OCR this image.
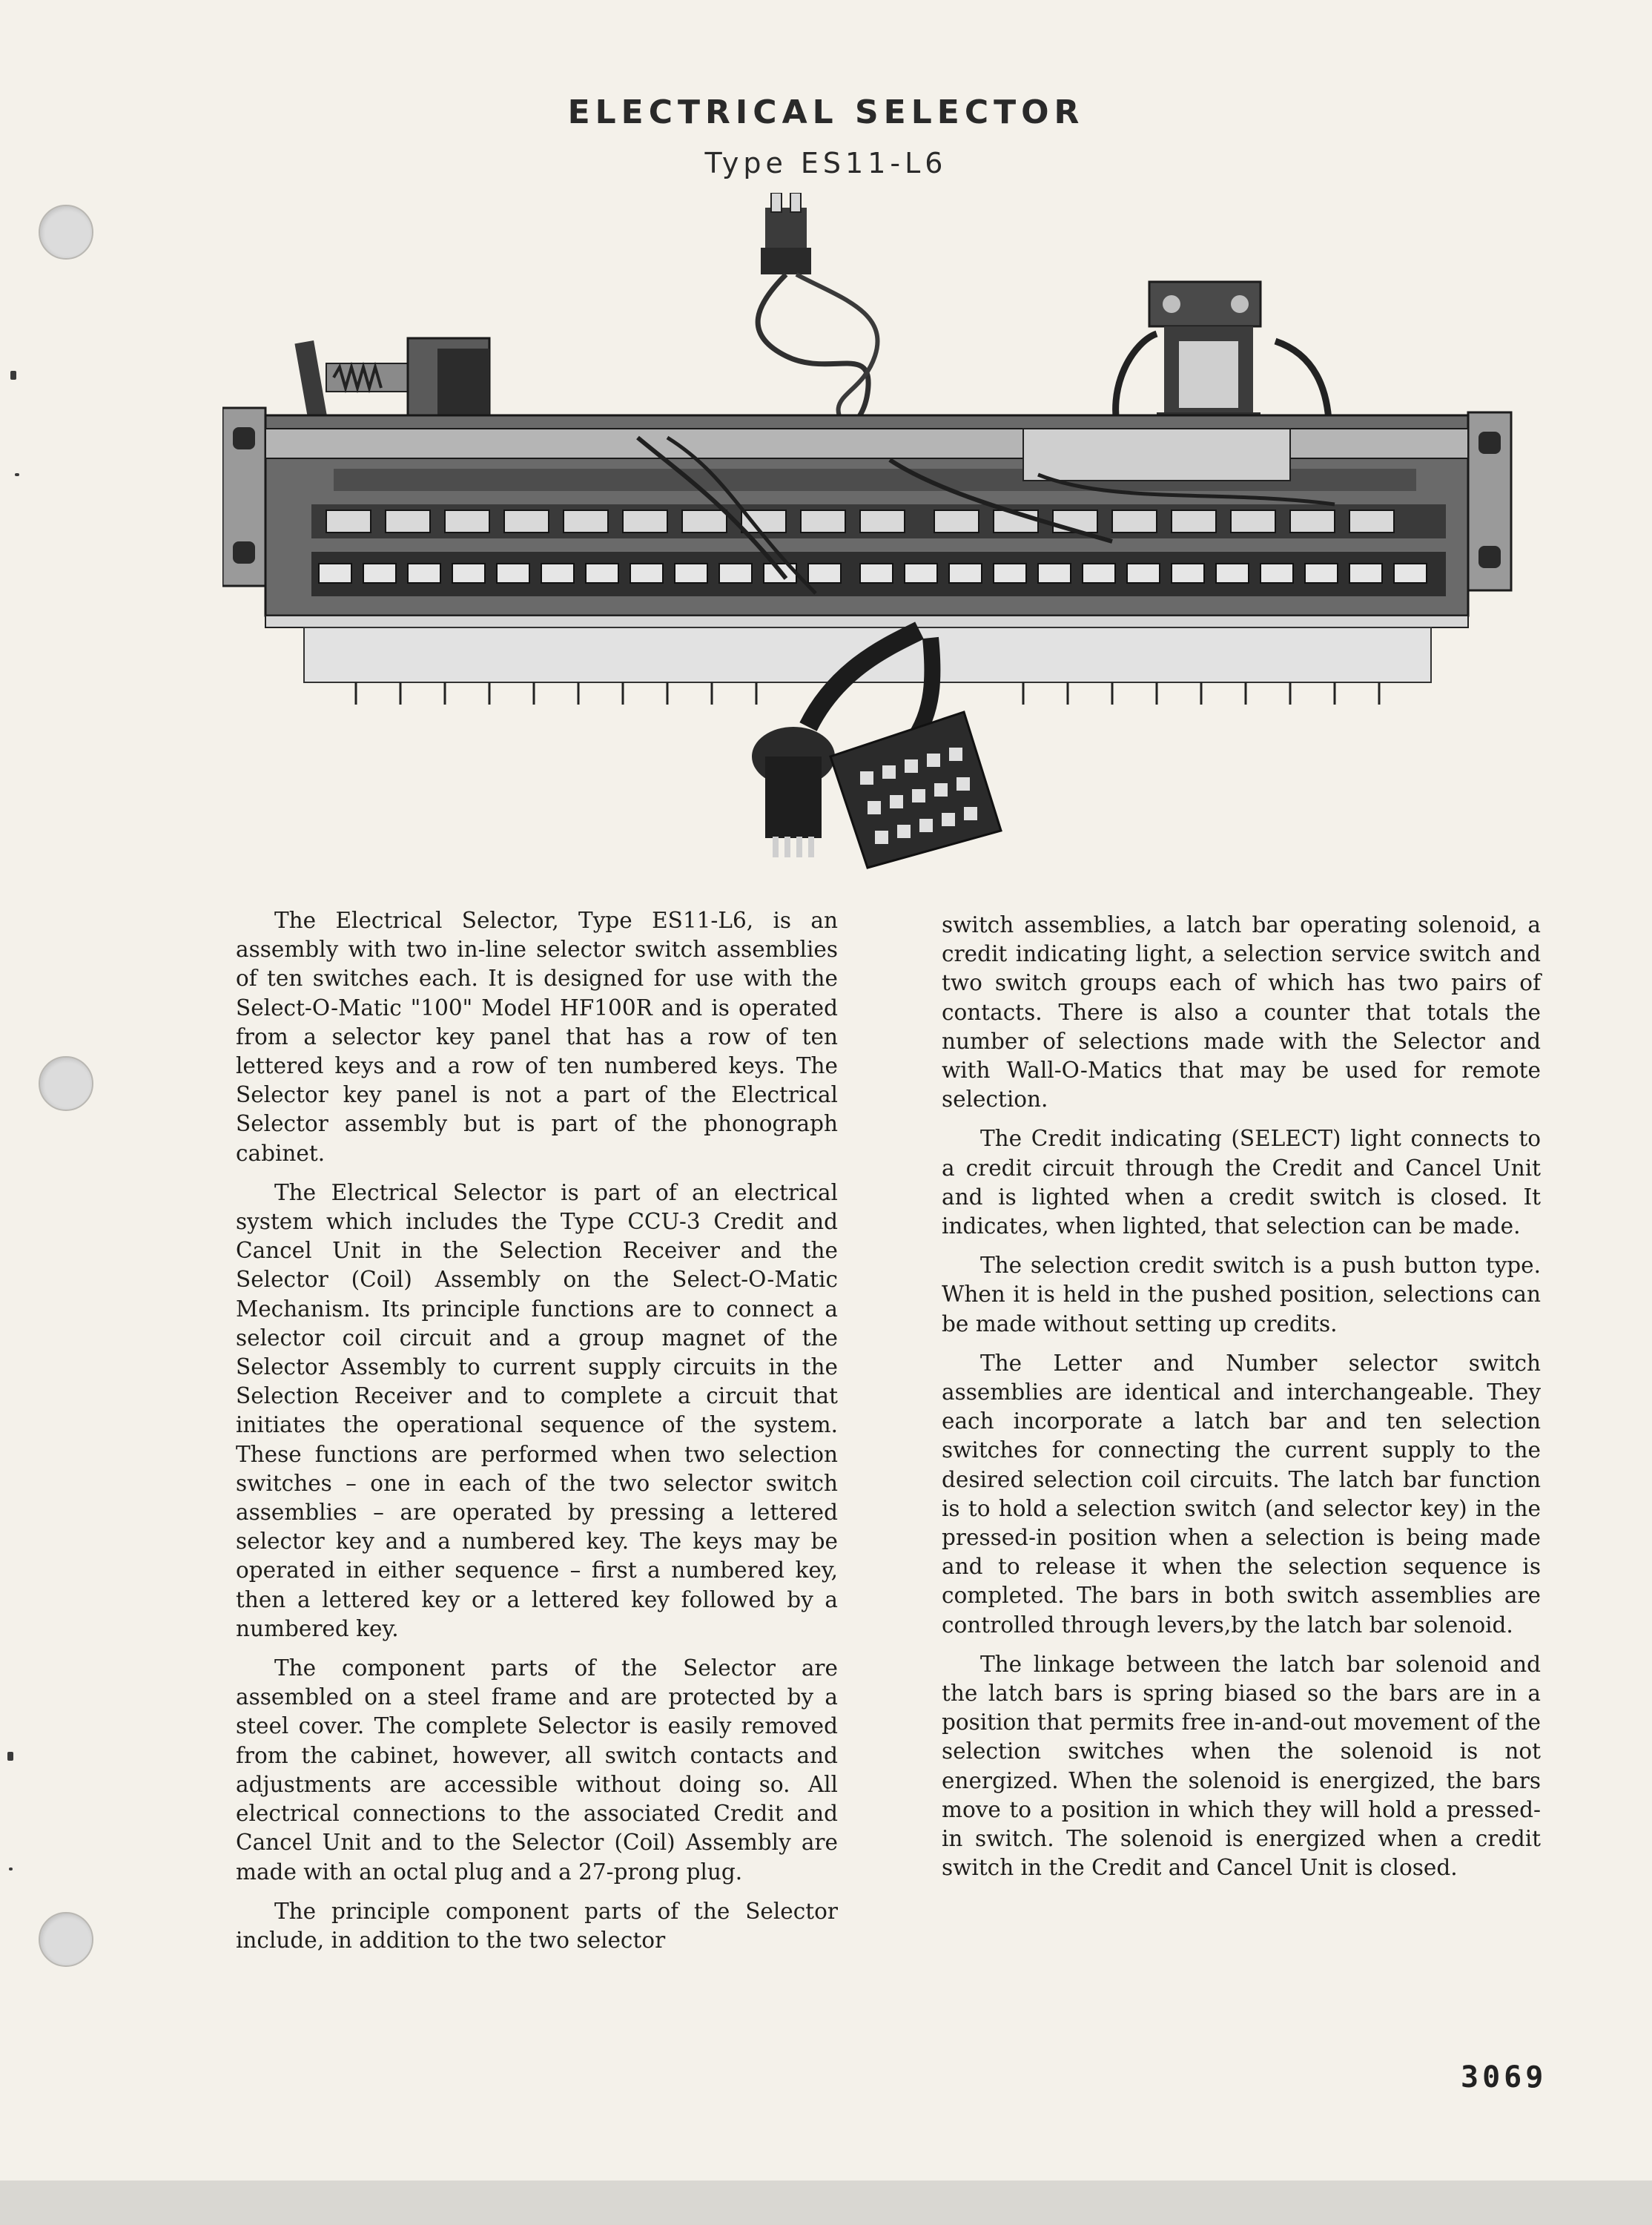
ELECTRICAL SELECTOR
Type ES11-L6

The Electrical Selector, Type ES11-L6, is an assembly with two in-line selector switch assemblies of ten switches each. It is designed for use with the Select-O-Matic "100" Model HF100R and is operated from a selector key panel that has a row of ten lettered keys and a row of ten numbered keys. The Selector key panel is not a part of the Electrical Selector assembly but is part of the phonograph cabinet.

The Electrical Selector is part of an electrical system which includes the Type CCU-3 Credit and Cancel Unit in the Selection Receiver and the Selector (Coil) Assembly on the Select-O-Matic Mechanism. Its principle functions are to connect a selector coil circuit and a group magnet of the Selector Assembly to current supply circuits in the Selection Receiver and to complete a circuit that initiates the operational sequence of the system. These functions are performed when two selection switches – one in each of the two selector switch assemblies – are operated by pressing a lettered selector key and a numbered key. The keys may be operated in either sequence – first a numbered key, then a lettered key or a lettered key followed by a numbered key.

The component parts of the Selector are assembled on a steel frame and are protected by a steel cover. The complete Selector is easily removed from the cabinet, however, all switch contacts and adjustments are accessible without doing so. All electrical connections to the associated Credit and Cancel Unit and to the Selector (Coil) Assembly are made with an octal plug and a 27-prong plug.

The principle component parts of the Selector include, in addition to the two selector

switch assemblies, a latch bar operating solenoid, a credit indicating light, a selection service switch and two switch groups each of which has two pairs of contacts. There is also a counter that totals the number of selections made with the Selector and with Wall-O-Matics that may be used for remote selection.

The Credit indicating (SELECT) light connects to a credit circuit through the Credit and Cancel Unit and is lighted when a credit switch is closed. It indicates, when lighted, that selection can be made.

The selection credit switch is a push button type. When it is held in the pushed position, selections can be made without setting up credits.

The Letter and Number selector switch assemblies are identical and interchangeable. They each incorporate a latch bar and ten selection switches for connecting the current supply to the desired selection coil circuits. The latch bar function is to hold a selection switch (and selector key) in the pressed-in position when a selection is being made and to release it when the selection sequence is completed. The bars in both switch assemblies are controlled through levers,by the latch bar solenoid.

The linkage between the latch bar solenoid and the latch bars is spring biased so the bars are in a position that permits free in-and-out movement of the selection switches when the solenoid is not energized. When the solenoid is energized, the bars move to a position in which they will hold a pressed-in switch. The solenoid is energized when a credit switch in the Credit and Cancel Unit is closed.

3069
